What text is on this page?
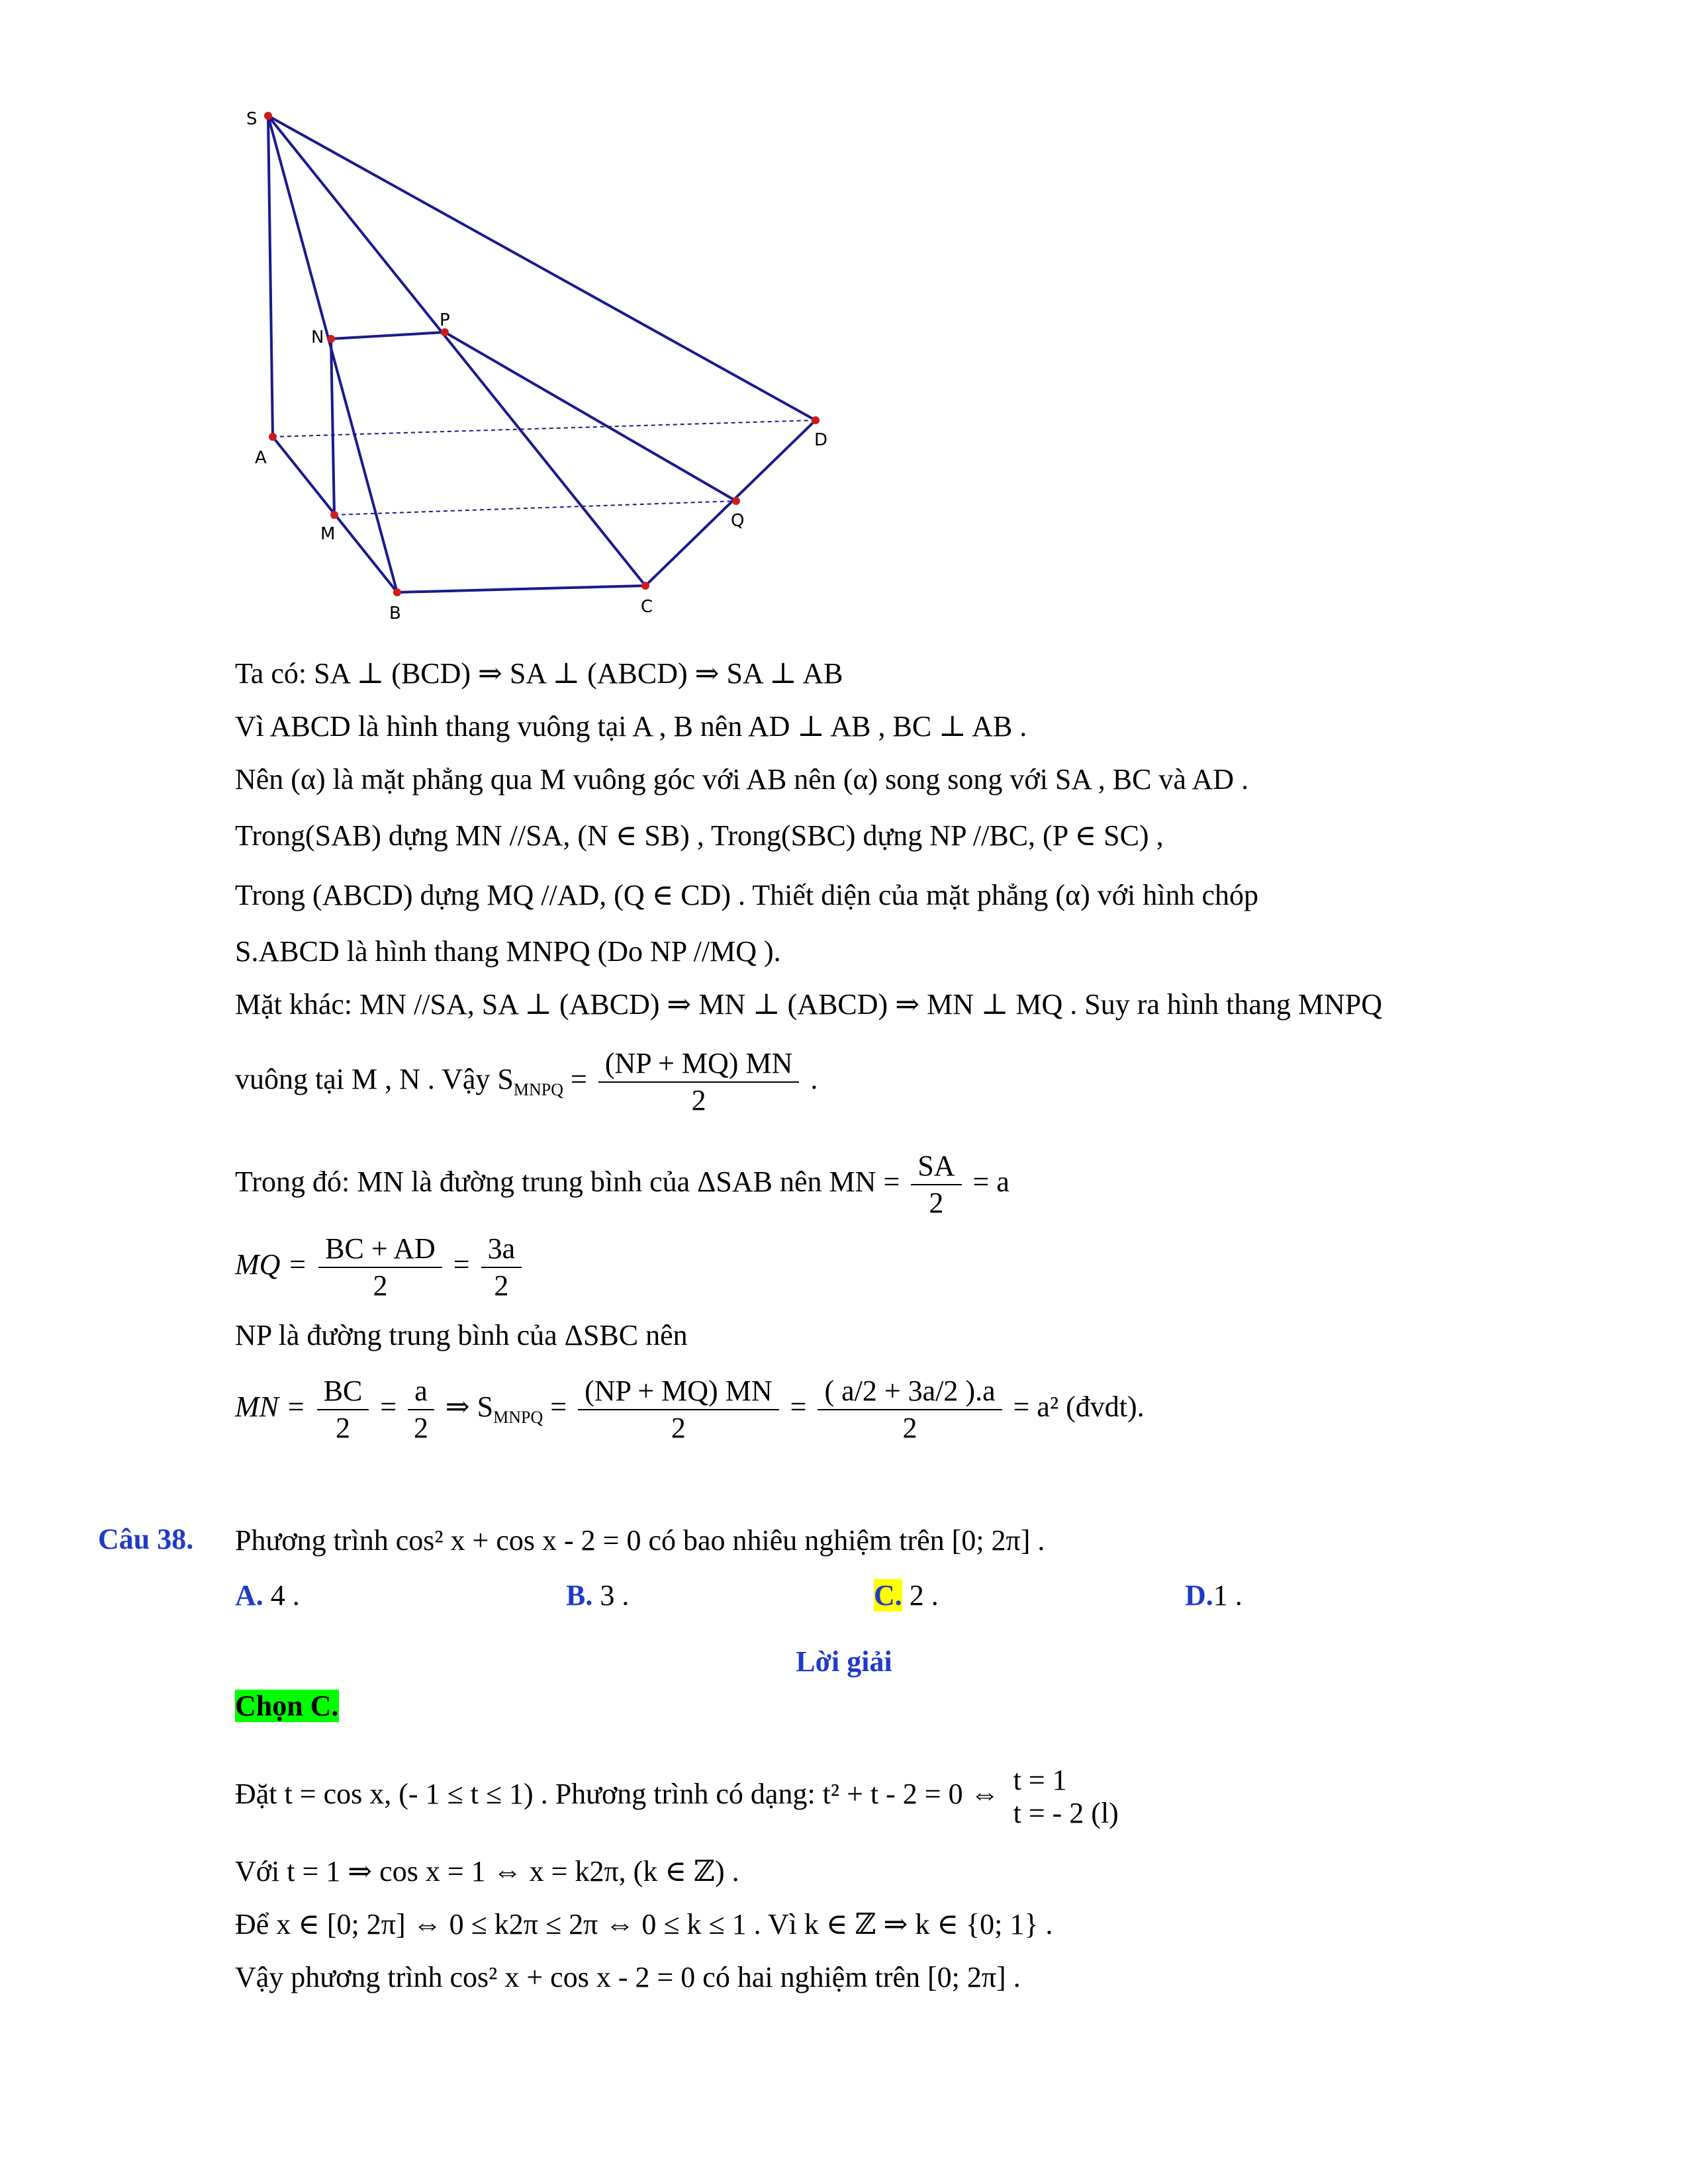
S
N
P
A
D
M
Q
B	C
Ta có: SA ⊥ (BCD) ⇒ SA ⊥ (ABCD) ⇒ SA ⊥ AB
Vì ABCD là hình thang vuông tại A , B nên AD ⊥ AB , BC ⊥ AB .
Nên (α) là mặt phẳng qua M vuông góc với AB nên (α) song song với SA , BC và AD .
Trong(SAB) dựng MN //SA, (N ∈ SB) , Trong(SBC) dựng NP //BC, (P ∈ SC) ,
Trong (ABCD) dựng MQ //AD, (Q ∈ CD) . Thiết diện của mặt phẳng (α) với hình chóp
S.ABCD là hình thang MNPQ (Do NP //MQ ).
Mặt khác: MN //SA, SA ⊥ (ABCD) ⇒ MN ⊥ (ABCD) ⇒ MN ⊥ MQ . Suy ra hình thang MNPQ
vuông tại M , N . Vậy $S_{MNPQ} = \frac{(NP + MQ) MN}{2}$ .
Trong đó: MN là đường trung bình của ΔSAB nên MN = $\frac{SA}{2} = a$
MQ = $\frac{BC + AD}{2} = \frac{3a}{2}$
NP là đường trung bình của ΔSBC nên
MN = $\frac{BC}{2} = \frac{a}{2}$ ⇒ $S_{MNPQ} = \frac{(NP + MQ) MN}{2} = \frac{( a/2 + 3a/2 ).a}{2} = a^2$ (đvdt).
Câu 38. Phương trình cos² x + cos x - 2 = 0 có bao nhiêu nghiệm trên [0; 2π] .
A. 4 .	B. 3 .	C. 2 .	D.1 .
Lời giải
Chọn C.
Đặt t = cos x, (- 1 ≤ t ≤ 1) . Phương trình có dạng: t² + t - 2 = 0 ⇔ t = 1
t = - 2 (l)
Với t = 1 ⇒ cos x = 1 ⇔ x = k2π, (k ∈ ℤ) .
Để x ∈ [0; 2π] ⇔ 0 ≤ k2π ≤ 2π ⇔ 0 ≤ k ≤ 1 . Vì k ∈ ℤ ⇒ k ∈ {0; 1} .
Vậy phương trình cos² x + cos x - 2 = 0 có hai nghiệm trên [0; 2π] .
